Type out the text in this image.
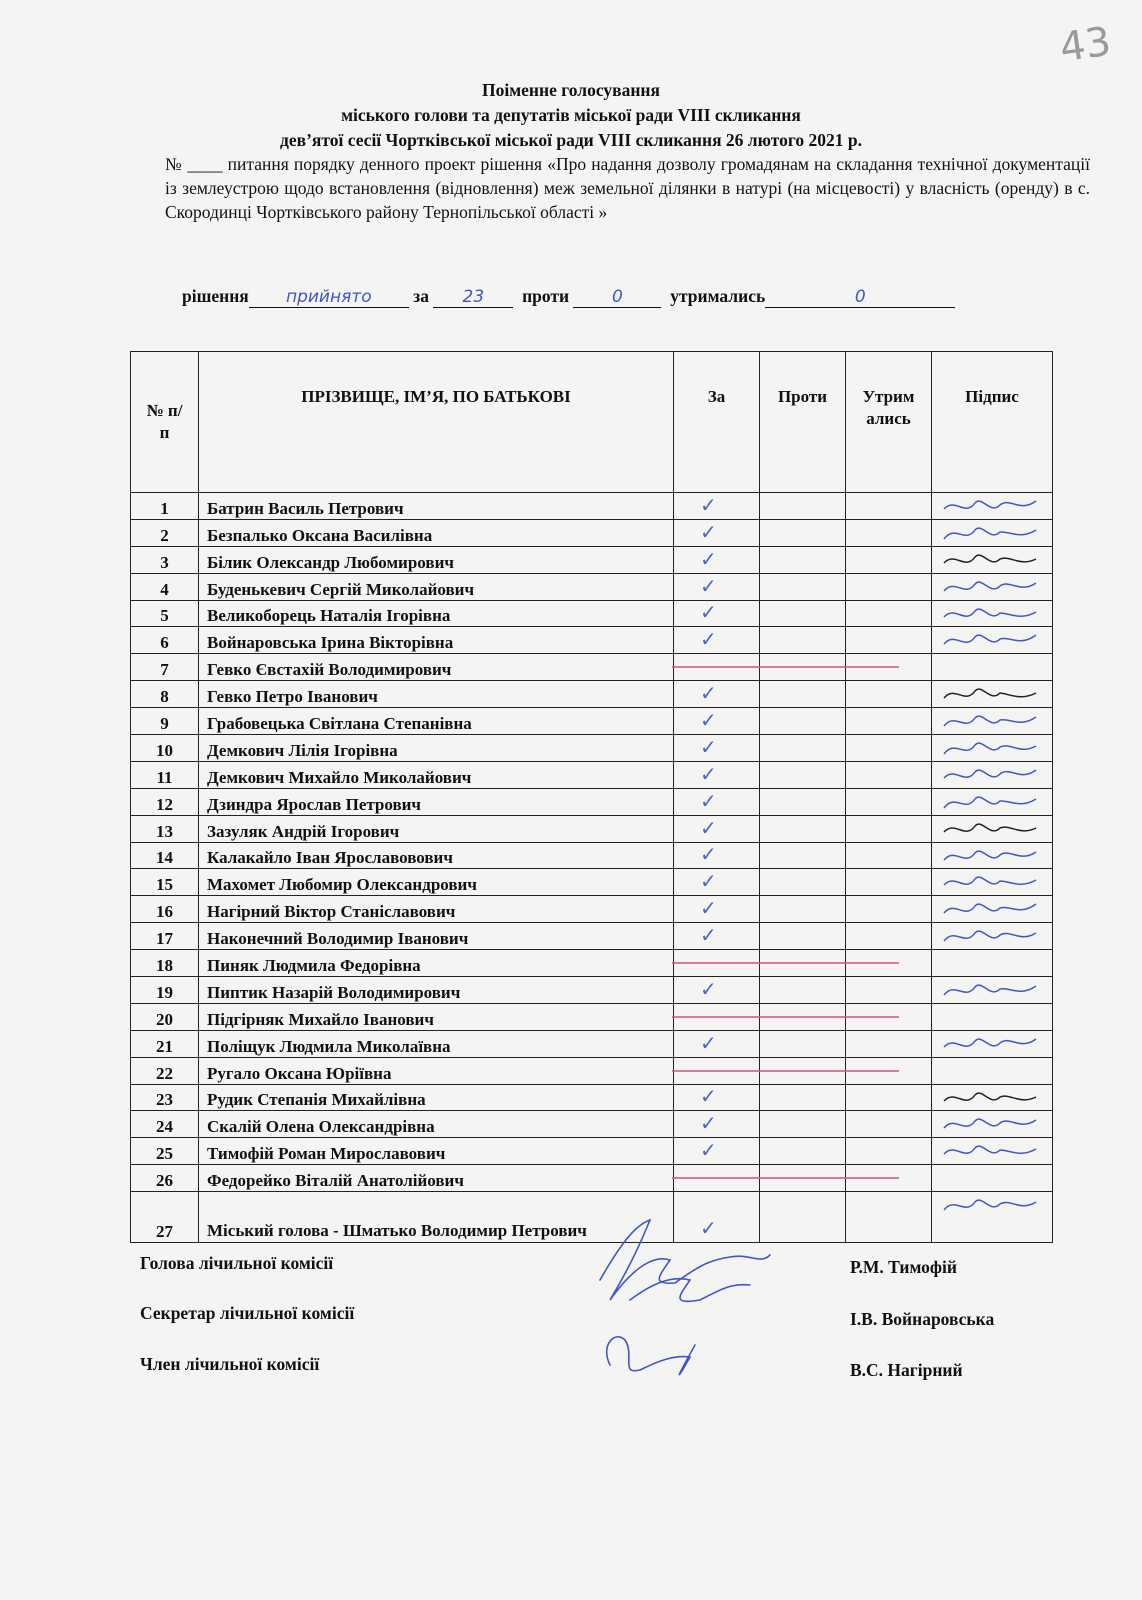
43
Поіменне голосування
міського голови та депутатів міської ради VIII скликання
дев’ятої сесії Чортківської міської ради VIII скликання 26 лютого 2021 р.
№ ____ питання порядку денного проект рішення «Про надання дозволу громадянам на складання технічної документації із землеустрою щодо встановлення (відновлення) меж земельної ділянки в натурі (на місцевості) у власність (оренду) в с. Скородинці Чортківського району Тернопільської області »
рішення прийнято за 23 проти	0	утримались	0
№ п/п	ПРІЗВИЩЕ, ІМ’Я, ПО БАТЬКОВІ	За	Проти	Утримались	Підпис
1	Батрин Василь Петрович	✓

2	Безпалько Оксана Василівна	✓

3	Білик Олександр Любомирович	✓

4	Буденькевич Сергій Миколайович	✓

5	Великоборець Наталія Ігорівна	✓

6	Войнаровська Ірина Вікторівна	✓

7	Гевко Євстахій Володимирович	

8	Гевко Петро Іванович	✓

9	Грабовецька Світлана Степанівна	✓

10	Демкович Лілія Ігорівна	✓

11	Демкович Михайло Миколайович	✓

12	Дзиндра Ярослав Петрович	✓

13	Зазуляк Андрій Ігорович	✓

14	Калакайло Іван Ярославовович	✓

15	Махомет Любомир Олександрович	✓

16	Нагірний Віктор Станіславович	✓

17	Наконечний Володимир Іванович	✓

18	Пиняк Людмила Федорівна	

19	Пиптик Назарій Володимирович	✓

20	Підгірняк Михайло Іванович	

21	Поліщук Людмила Миколаївна	✓

22	Ругало Оксана Юріївна	

23	Рудик Степанія Михайлівна	✓

24	Скалій Олена Олександрівна	✓

25	Тимофій Роман Мирославович	✓

26	Федорейко Віталій Анатолійович	

27	Міський голова - Шматько Володимир Петрович	✓

Голова лічильної комісії	Р.М. Тимофій
Секретар лічильної комісії	І.В. Войнаровська
Член лічильної комісії	В.С. Нагірний
